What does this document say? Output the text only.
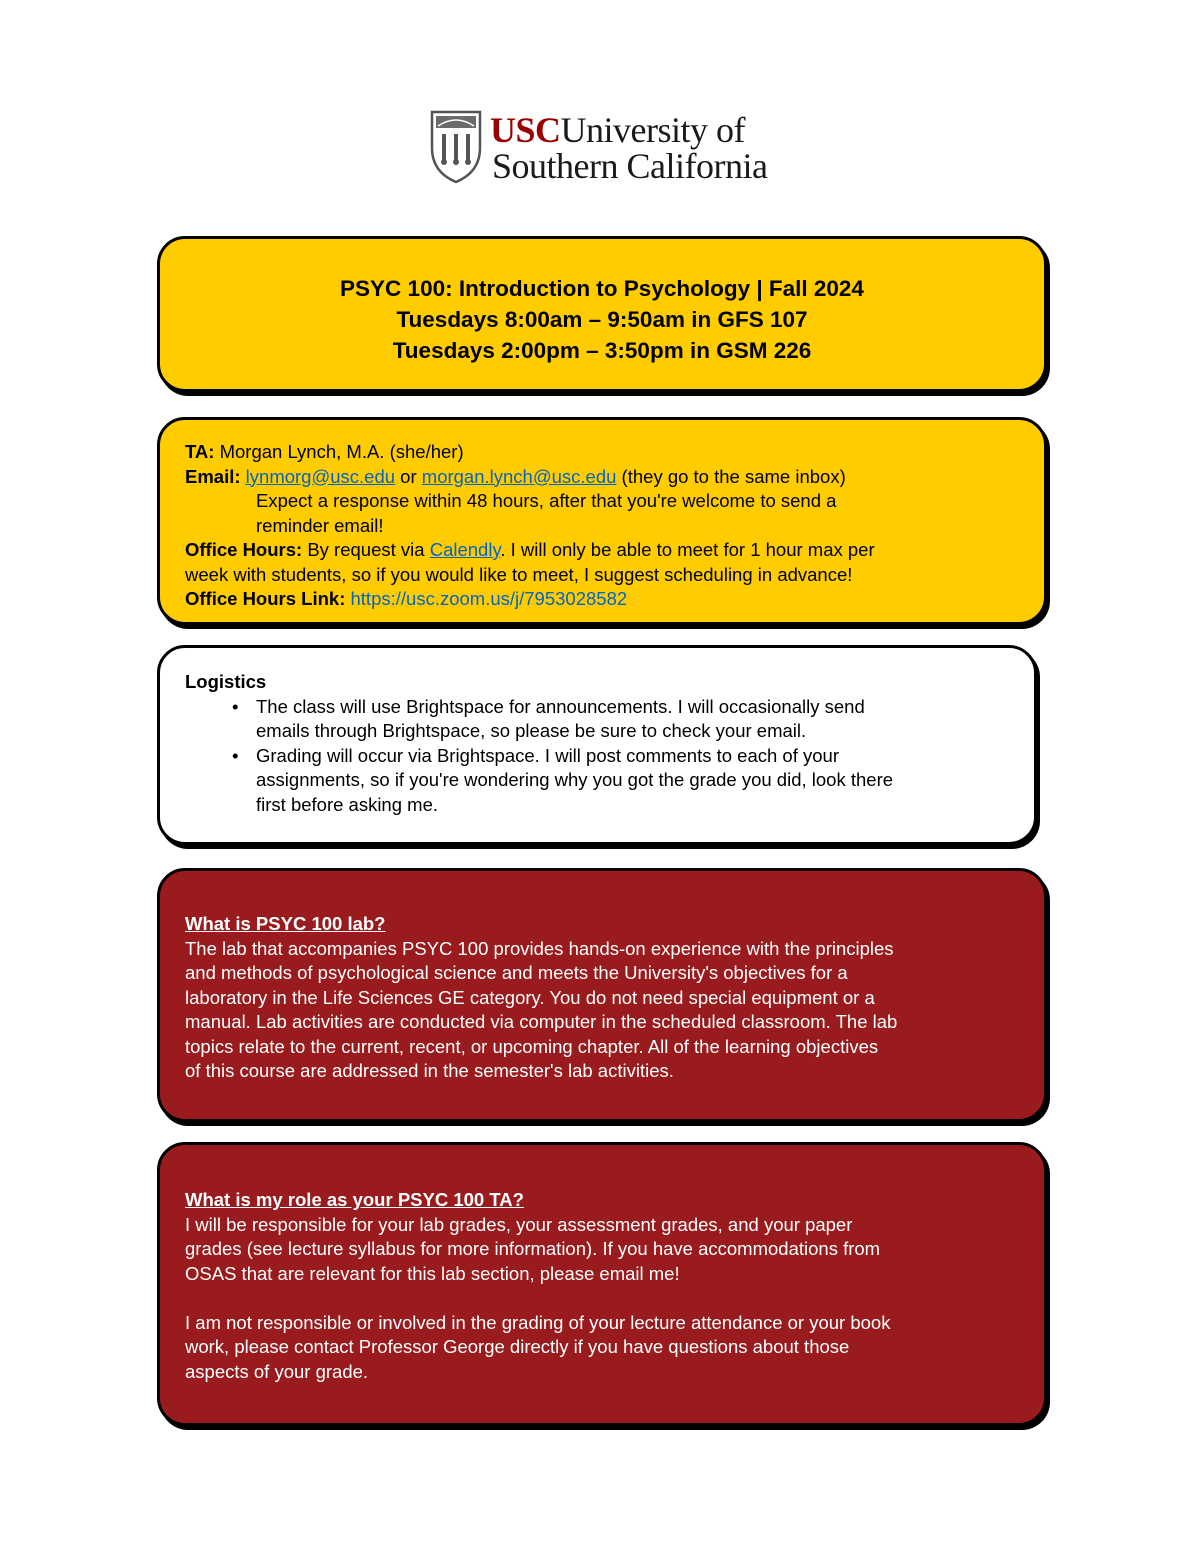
USCUniversity of
Southern California
PSYC 100: Introduction to Psychology | Fall 2024
Tuesdays 8:00am – 9:50am in GFS 107
Tuesdays 2:00pm – 3:50pm in GSM 226
TA: Morgan Lynch, M.A. (she/her)
Email: lynmorg@usc.edu or morgan.lynch@usc.edu (they go to the same inbox)
Expect a response within 48 hours, after that you're welcome to send a
reminder email!
Office Hours: By request via Calendly. I will only be able to meet for 1 hour max per
week with students, so if you would like to meet, I suggest scheduling in advance!
Office Hours Link: https://usc.zoom.us/j/7953028582
Logistics
• The class will use Brightspace for announcements. I will occasionally send
emails through Brightspace, so please be sure to check your email.
• Grading will occur via Brightspace. I will post comments to each of your
assignments, so if you're wondering why you got the grade you did, look there
first before asking me.
What is PSYC 100 lab?
The lab that accompanies PSYC 100 provides hands-on experience with the principles
and methods of psychological science and meets the University's objectives for a
laboratory in the Life Sciences GE category. You do not need special equipment or a
manual. Lab activities are conducted via computer in the scheduled classroom. The lab
topics relate to the current, recent, or upcoming chapter. All of the learning objectives
of this course are addressed in the semester's lab activities.
What is my role as your PSYC 100 TA?
I will be responsible for your lab grades, your assessment grades, and your paper
grades (see lecture syllabus for more information). If you have accommodations from
OSAS that are relevant for this lab section, please email me!
I am not responsible or involved in the grading of your lecture attendance or your book
work, please contact Professor George directly if you have questions about those
aspects of your grade.
